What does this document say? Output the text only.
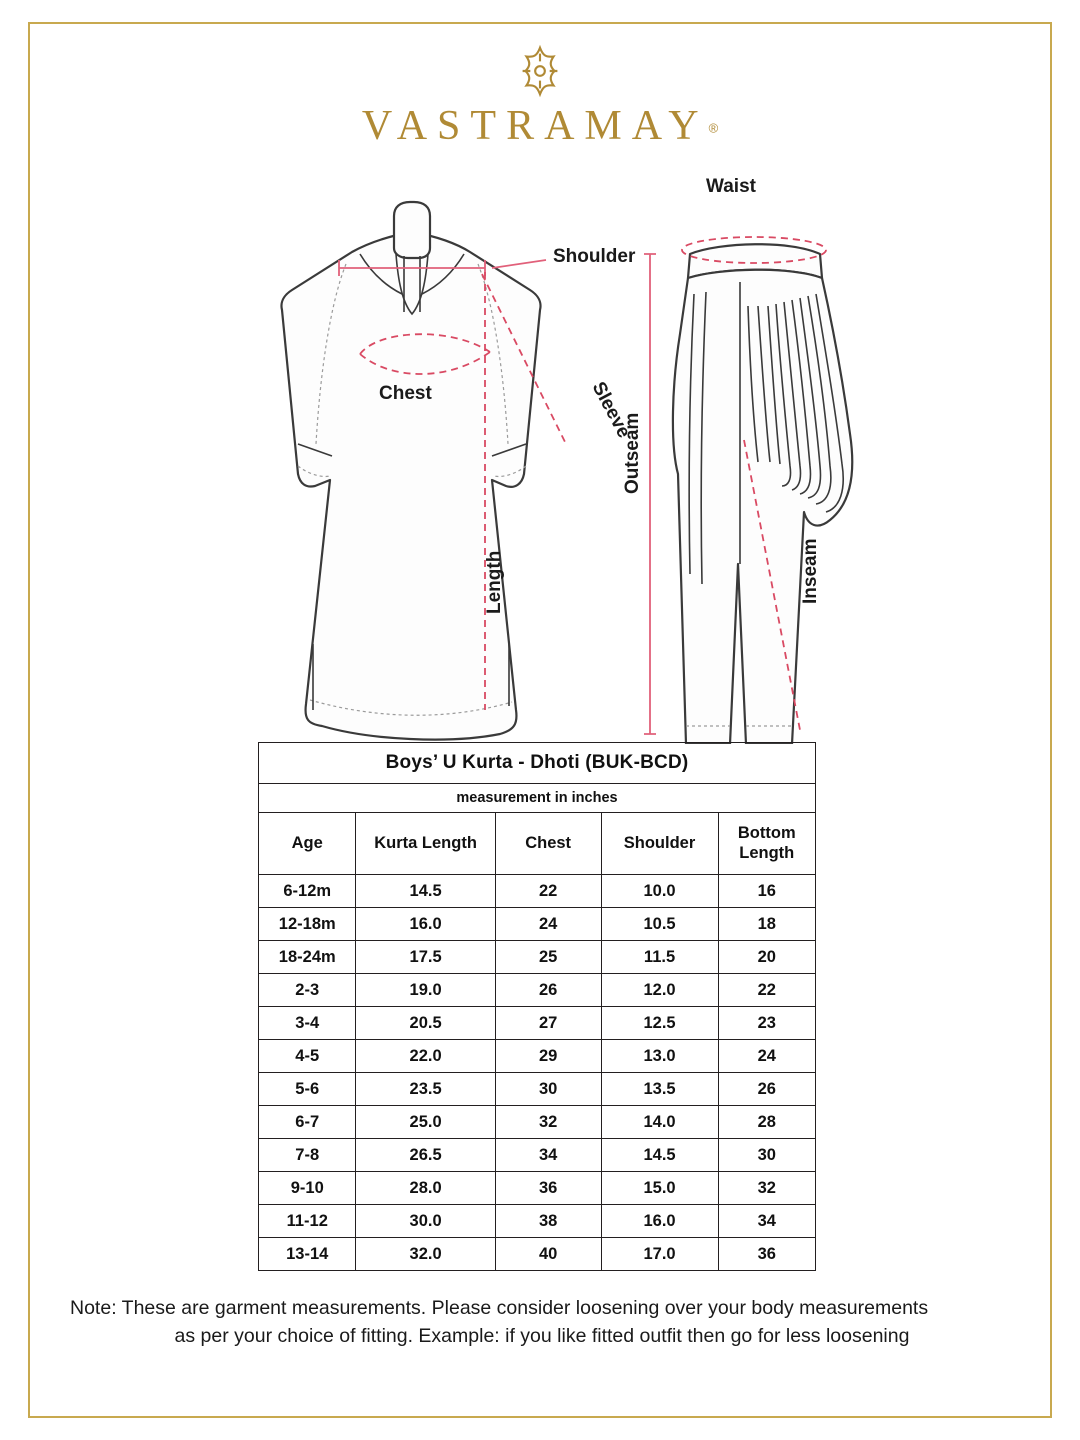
VASTRAMAY®
Shoulder
Chest	Sleeve
Length
Waist
Outseam
Inseam
Boys’ U Kurta - Dhoti (BUK-BCD)				
measurement in inches				
Age	Kurta Length	Chest	Shoulder	Bottom
Length
6-12m	14.5	22	10.0	16
12-18m	16.0	24	10.5	18
18-24m	17.5	25	11.5	20
2-3	19.0	26	12.0	22
3-4	20.5	27	12.5	23
4-5	22.0	29	13.0	24
5-6	23.5	30	13.5	26
6-7	25.0	32	14.0	28
7-8	26.5	34	14.5	30
9-10	28.0	36	15.0	32
11-12	30.0	38	16.0	34
13-14	32.0	40	17.0	36
Note: These are garment measurements. Please consider loosening over your body measurements
as per your choice of fitting. Example: if you like fitted outfit then go for less loosening
